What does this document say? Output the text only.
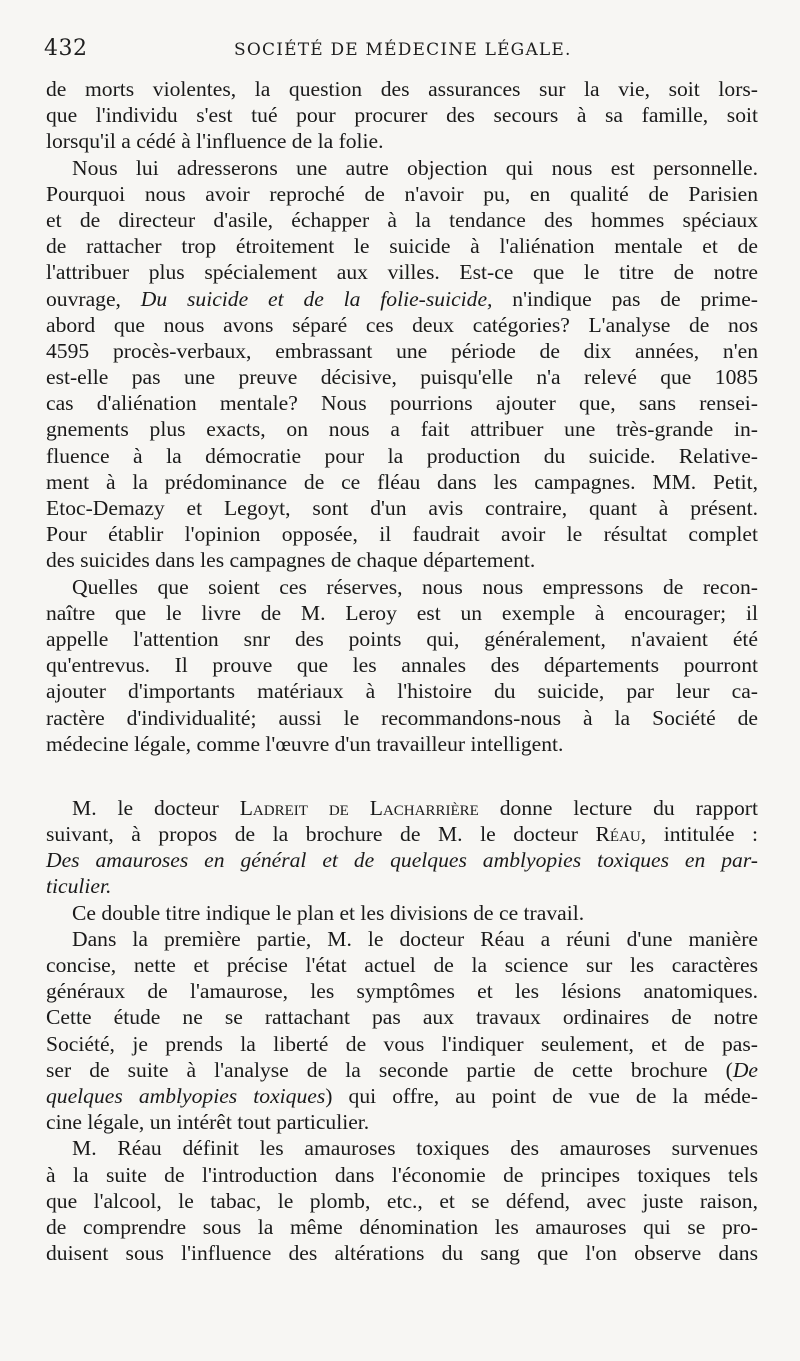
432	SOCIÉTÉ DE MÉDECINE LÉGALE.
de morts violentes, la question des assurances sur la vie, soit lors-
que l'individu s'est tué pour procurer des secours à sa famille, soit
lorsqu'il a cédé à l'influence de la folie.
Nous lui adresserons une autre objection qui nous est personnelle.
Pourquoi nous avoir reproché de n'avoir pu, en qualité de Parisien
et de directeur d'asile, échapper à la tendance des hommes spéciaux
de rattacher trop étroitement le suicide à l'aliénation mentale et de
l'attribuer plus spécialement aux villes. Est-ce que le titre de notre
ouvrage, Du suicide et de la folie-suicide, n'indique pas de prime-
abord que nous avons séparé ces deux catégories? L'analyse de nos
4595 procès-verbaux, embrassant une période de dix années, n'en
est-elle pas une preuve décisive, puisqu'elle n'a relevé que 1085
cas d'aliénation mentale? Nous pourrions ajouter que, sans rensei-
gnements plus exacts, on nous a fait attribuer une très-grande in-
fluence à la démocratie pour la production du suicide. Relative-
ment à la prédominance de ce fléau dans les campagnes. MM. Petit,
Etoc-Demazy et Legoyt, sont d'un avis contraire, quant à présent.
Pour établir l'opinion opposée, il faudrait avoir le résultat complet
des suicides dans les campagnes de chaque département.
Quelles que soient ces réserves, nous nous empressons de recon-
naître que le livre de M. Leroy est un exemple à encourager; il
appelle l'attention snr des points qui, généralement, n'avaient été
qu'entrevus. Il prouve que les annales des départements pourront
ajouter d'importants matériaux à l'histoire du suicide, par leur ca-
ractère d'individualité; aussi le recommandons-nous à la Société de
médecine légale, comme l'œuvre d'un travailleur intelligent.
M. le docteur Ladreit de Lacharrière donne lecture du rapport
suivant, à propos de la brochure de M. le docteur Réau, intitulée :
Des amauroses en général et de quelques amblyopies toxiques en par-
ticulier.
Ce double titre indique le plan et les divisions de ce travail.
Dans la première partie, M. le docteur Réau a réuni d'une manière
concise, nette et précise l'état actuel de la science sur les caractères
généraux de l'amaurose, les symptômes et les lésions anatomiques.
Cette étude ne se rattachant pas aux travaux ordinaires de notre
Société, je prends la liberté de vous l'indiquer seulement, et de pas-
ser de suite à l'analyse de la seconde partie de cette brochure (De
quelques amblyopies toxiques) qui offre, au point de vue de la méde-
cine légale, un intérêt tout particulier.
M. Réau définit les amauroses toxiques des amauroses survenues
à la suite de l'introduction dans l'économie de principes toxiques tels
que l'alcool, le tabac, le plomb, etc., et se défend, avec juste raison,
de comprendre sous la même dénomination les amauroses qui se pro-
duisent sous l'influence des altérations du sang que l'on observe dans
